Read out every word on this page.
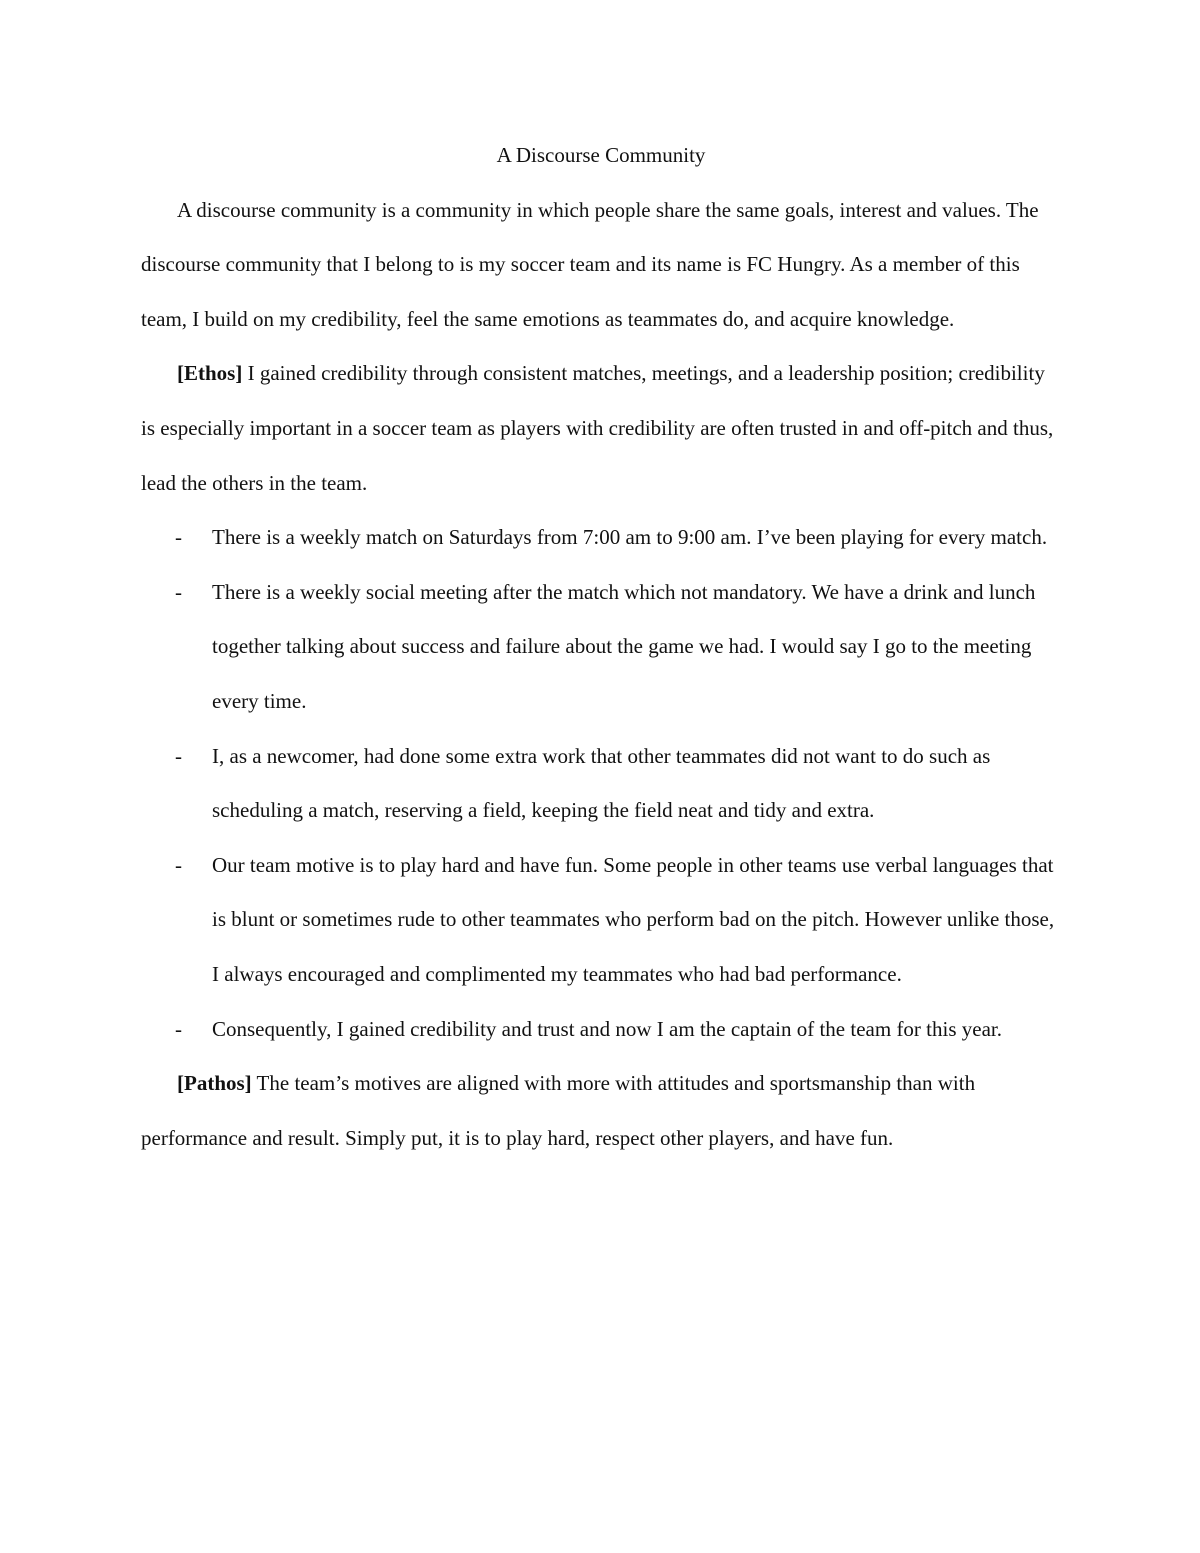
A Discourse Community

A discourse community is a community in which people share the same goals, interest and values. The discourse community that I belong to is my soccer team and its name is FC Hungry. As a member of this team, I build on my credibility, feel the same emotions as teammates do, and acquire knowledge.

[Ethos] I gained credibility through consistent matches, meetings, and a leadership position; credibility is especially important in a soccer team as players with credibility are often trusted in and off-pitch and thus, lead the others in the team.

- There is a weekly match on Saturdays from 7:00 am to 9:00 am. I’ve been playing for every match.
- There is a weekly social meeting after the match which not mandatory. We have a drink and lunch together talking about success and failure about the game we had. I would say I go to the meeting every time.
- I, as a newcomer, had done some extra work that other teammates did not want to do such as scheduling a match, reserving a field, keeping the field neat and tidy and extra.
- Our team motive is to play hard and have fun. Some people in other teams use verbal languages that is blunt or sometimes rude to other teammates who perform bad on the pitch. However unlike those, I always encouraged and complimented my teammates who had bad performance.
- Consequently, I gained credibility and trust and now I am the captain of the team for this year.

[Pathos] The team’s motives are aligned with more with attitudes and sportsmanship than with performance and result. Simply put, it is to play hard, respect other players, and have fun.
